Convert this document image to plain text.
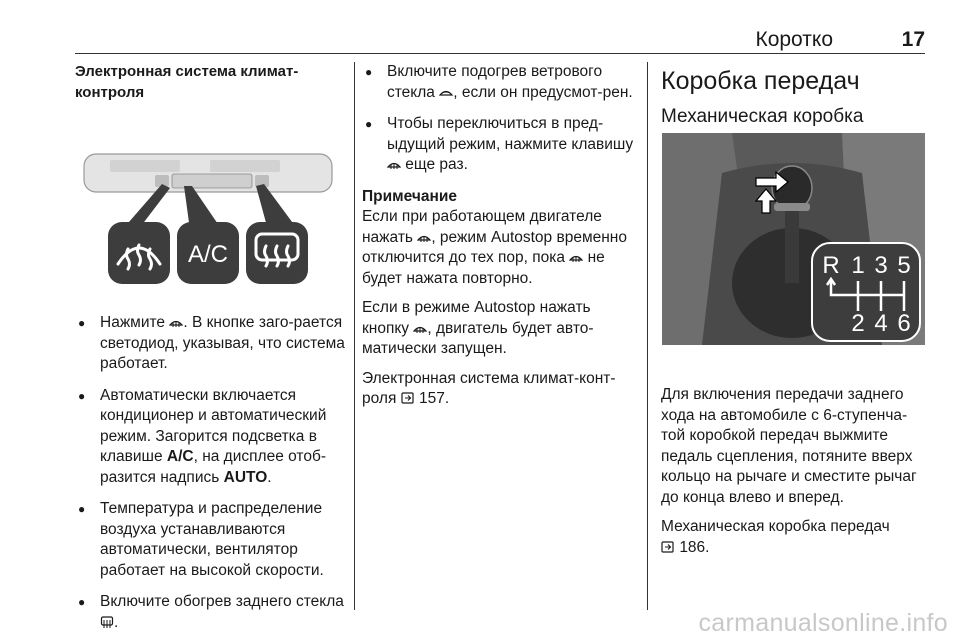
Коротко	17
Электронная система климат-контроля
● Нажмите
. В кнопке заго-рается светодиод, указывая, что система работает.
● Автоматически включается кондиционер и автоматический режим. Загорится подсветка в клавише A/C, на дисплее отоб-разится надпись AUTO.
● Температура и распределение воздуха устанавливаются автоматически, вентилятор работает на высокой скорости.
● Включите обогрев заднего стекла
.
A/C
● Включите подогрев ветрового стекла
, если он предусмот-рен.
● Чтобы переключиться в пред-ыдущий режим, нажмите клавишу
еще раз.
Примечание

Если при работающем двигателе нажать
, режим Autostop временно отключится до тех пор, пока
не будет нажата повторно.

Если в режиме Autostop нажать кнопку
, двигатель будет авто-матически запущен.

Электронная система климат-конт-роля 157.

Коробка передач
Механическая коробка

Для включения передачи заднего хода на автомобиле с 6-ступенча-той коробкой передач выжмите педаль сцепления, потяните вверх кольцо на рычаге и сместите рычаг до конца влево и вперед.

Механическая коробка передач

186.

R 1 3 5
2 4 6
carmanualsonline.info
